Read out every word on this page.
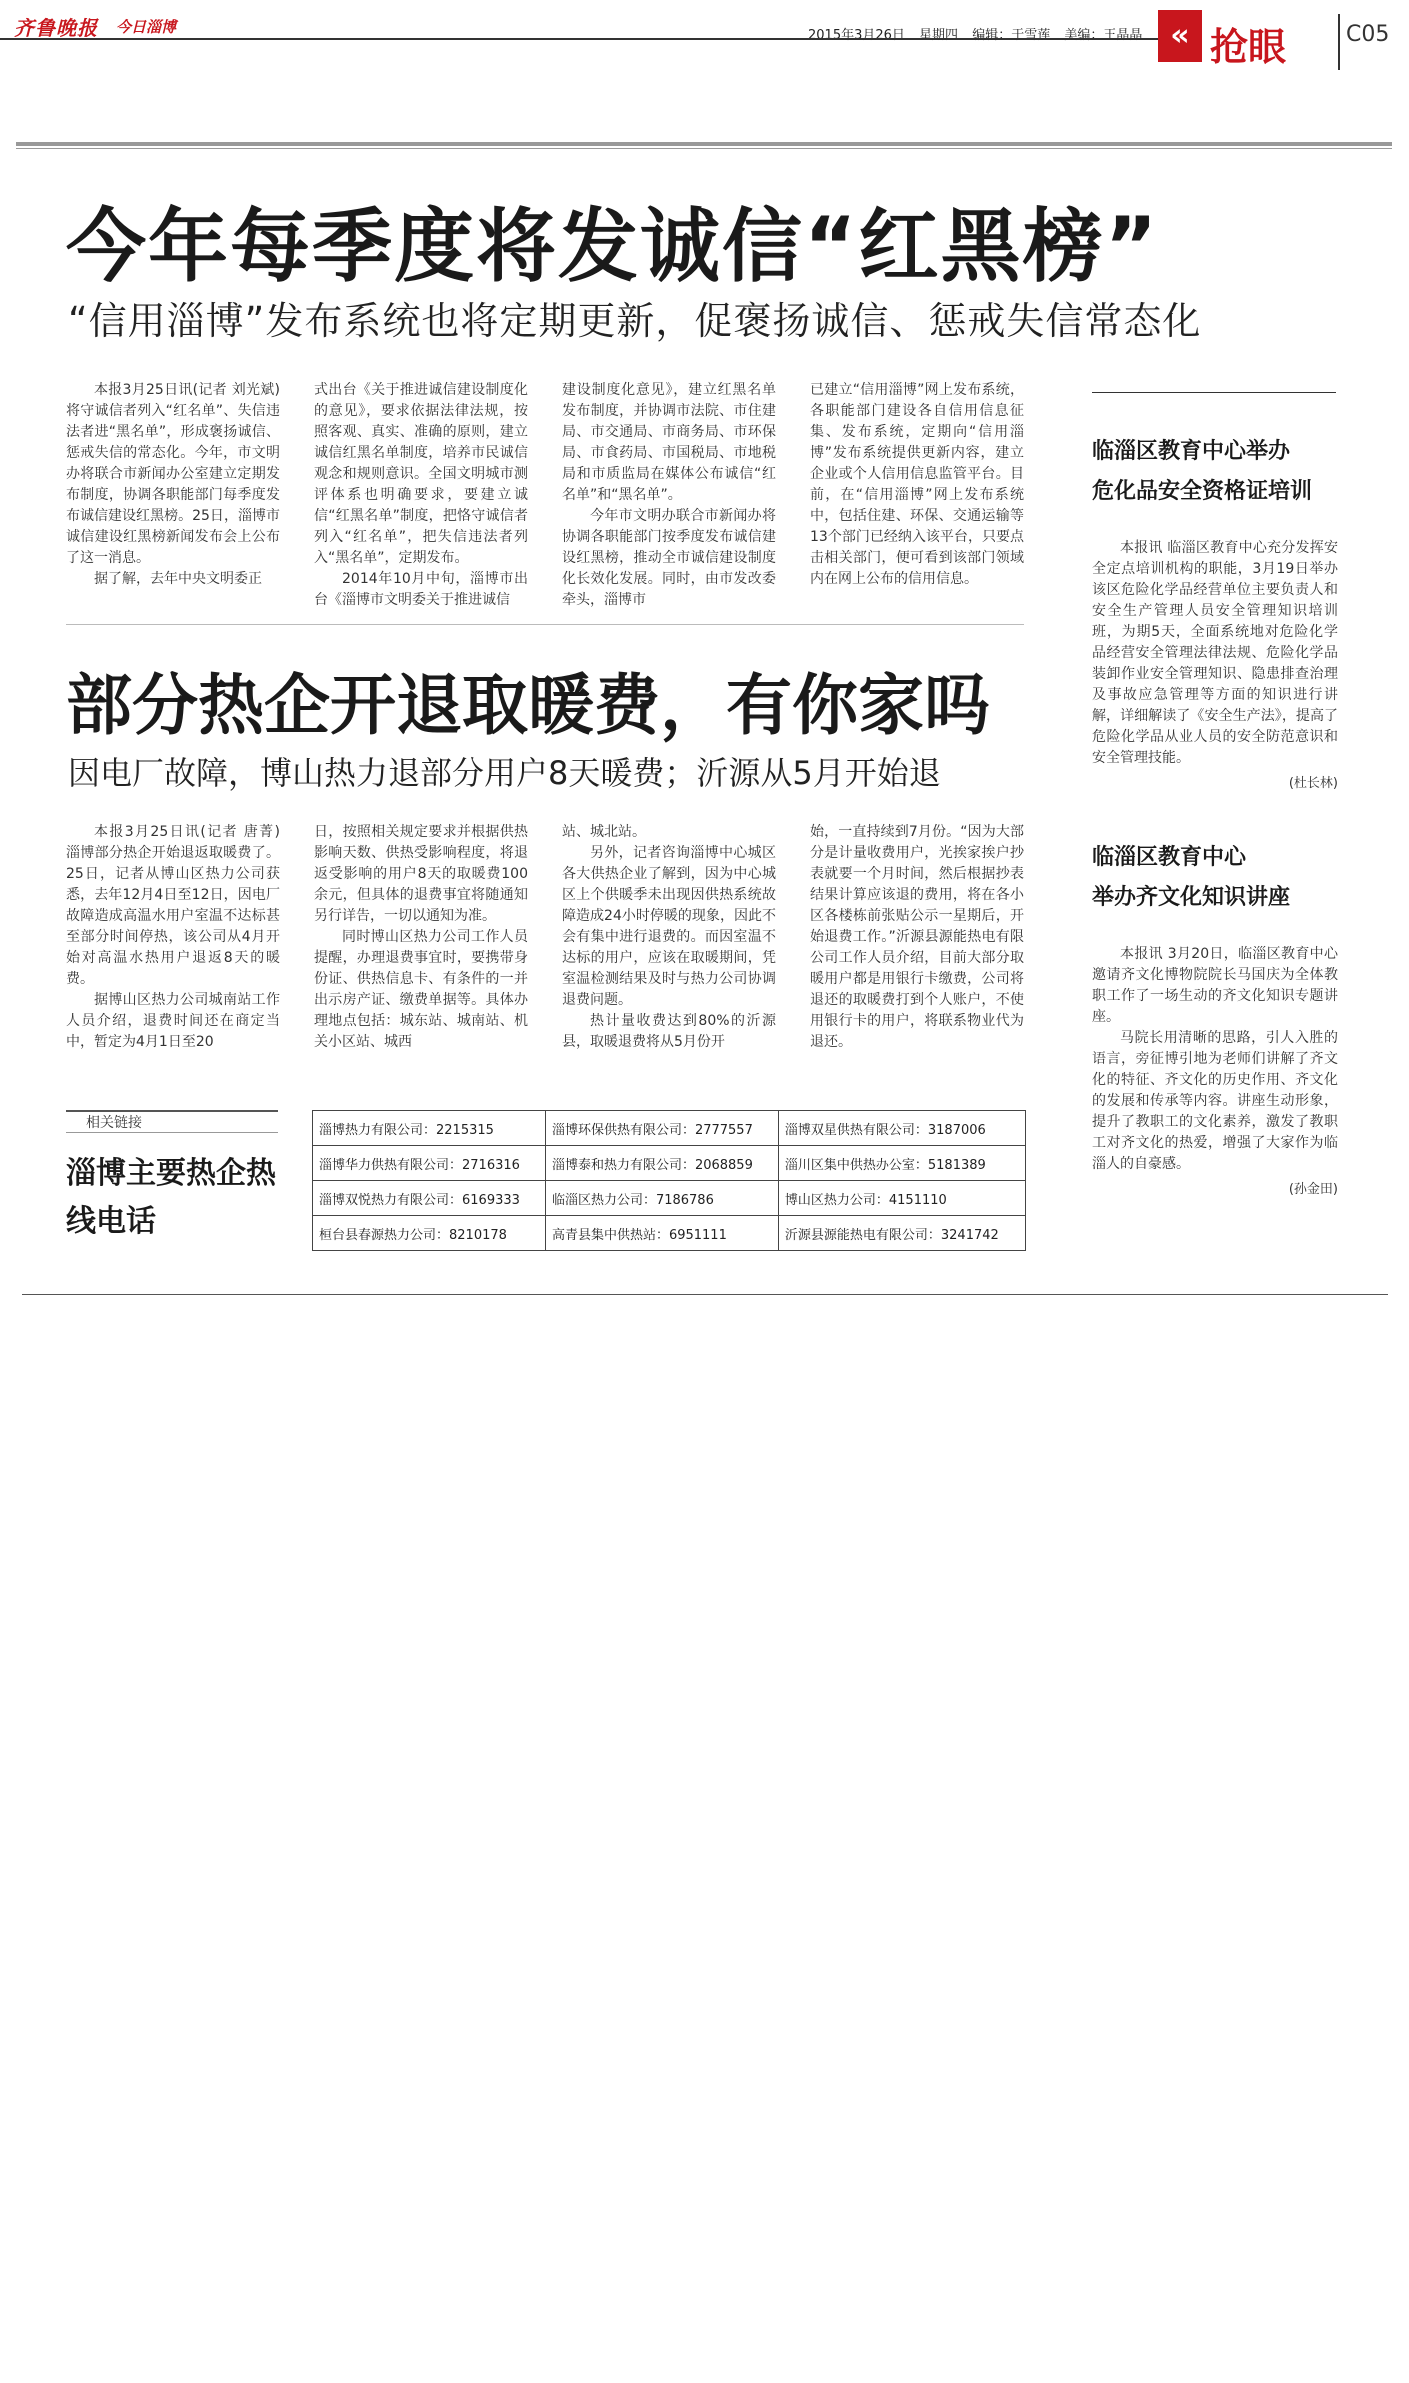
齐鲁晚报 今日淄博	2015年3月26日 星期四 编辑：于雪莲 美编：王晶晶 « 抢眼	C05
今年每季度将发诚信“红黑榜”
“信用淄博”发布系统也将定期更新，促褒扬诚信、惩戒失信常态化

本报3月25日讯(记者 刘光斌) 将守诚信者列入“红名单”、失信违法者进“黑名单”，形成褒扬诚信、惩戒失信的常态化。今年，市文明办将联合市新闻办公室建立定期发布制度，协调各职能部门每季度发布诚信建设红黑榜。25日，淄博市诚信建设红黑榜新闻发布会上公布了这一消息。

据了解，去年中央文明委正

式出台《关于推进诚信建设制度化的意见》，要求依据法律法规，按照客观、真实、准确的原则，建立诚信红黑名单制度，培养市民诚信观念和规则意识。全国文明城市测评体系也明确要求，要建立诚信“红黑名单”制度，把恪守诚信者列入“红名单”，把失信违法者列入“黑名单”，定期发布。

2014年10月中旬，淄博市出台《淄博市文明委关于推进诚信

建设制度化意见》，建立红黑名单发布制度，并协调市法院、市住建局、市交通局、市商务局、市环保局、市食药局、市国税局、市地税局和市质监局在媒体公布诚信“红名单”和“黑名单”。

今年市文明办联合市新闻办将协调各职能部门按季度发布诚信建设红黑榜，推动全市诚信建设制度化长效化发展。同时，由市发改委牵头，淄博市

已建立“信用淄博”网上发布系统，各职能部门建设各自信用信息征集、发布系统，定期向“信用淄博”发布系统提供更新内容，建立企业或个人信用信息监管平台。目前，在“信用淄博”网上发布系统中，包括住建、环保、交通运输等13个部门已经纳入该平台，只要点击相关部门，便可看到该部门领域内在网上公布的信用信息。

部分热企开退取暖费，有你家吗
因电厂故障，博山热力退部分用户8天暖费；沂源从5月开始退

本报3月25日讯(记者 唐菁) 淄博部分热企开始退返取暖费了。25日，记者从博山区热力公司获悉，去年12月4日至12日，因电厂故障造成高温水用户室温不达标甚至部分时间停热，该公司从4月开始对高温水热用户退返8天的暖费。

据博山区热力公司城南站工作人员介绍，退费时间还在商定当中，暂定为4月1日至20

日，按照相关规定要求并根据供热影响天数、供热受影响程度，将退返受影响的用户8天的取暖费100余元，但具体的退费事宜将随通知另行详告，一切以通知为准。

同时博山区热力公司工作人员提醒，办理退费事宜时，要携带身份证、供热信息卡、有条件的一并出示房产证、缴费单据等。具体办理地点包括：城东站、城南站、机关小区站、城西

站、城北站。

另外，记者咨询淄博中心城区各大供热企业了解到，因为中心城区上个供暖季未出现因供热系统故障造成24小时停暖的现象，因此不会有集中进行退费的。而因室温不达标的用户，应该在取暖期间，凭室温检测结果及时与热力公司协调退费问题。

热计量收费达到80%的沂源县，取暖退费将从5月份开

始，一直持续到7月份。“因为大部分是计量收费用户，光挨家挨户抄表就要一个月时间，然后根据抄表结果计算应该退的费用，将在各小区各楼栋前张贴公示一星期后，开始退费工作。”沂源县源能热电有限公司工作人员介绍，目前大部分取暖用户都是用银行卡缴费，公司将退还的取暖费打到个人账户，不使用银行卡的用户，将联系物业代为退还。

相关链接
淄博主要热企热线电话
淄博热力有限公司：2215315	淄博环保供热有限公司：2777557	淄博双星供热有限公司：3187006
淄博华力供热有限公司：2716316	淄博泰和热力有限公司：2068859	淄川区集中供热办公室：5181389
淄博双悦热力有限公司：6169333	临淄区热力公司：7186786	博山区热力公司：4151110
桓台县春源热力公司：8210178	高青县集中供热站：6951111	沂源县源能热电有限公司：3241742
临淄区教育中心举办
危化品安全资格证培训

本报讯 临淄区教育中心充分发挥安全定点培训机构的职能，3月19日举办该区危险化学品经营单位主要负责人和安全生产管理人员安全管理知识培训班，为期5天，全面系统地对危险化学品经营安全管理法律法规、危险化学品装卸作业安全管理知识、隐患排查治理及事故应急管理等方面的知识进行讲解，详细解读了《安全生产法》，提高了危险化学品从业人员的安全防范意识和安全管理技能。

(杜长林)
临淄区教育中心
举办齐文化知识讲座

本报讯 3月20日，临淄区教育中心邀请齐文化博物院院长马国庆为全体教职工作了一场生动的齐文化知识专题讲座。

马院长用清晰的思路，引人入胜的语言，旁征博引地为老师们讲解了齐文化的特征、齐文化的历史作用、齐文化的发展和传承等内容。讲座生动形象，提升了教职工的文化素养，激发了教职工对齐文化的热爱，增强了大家作为临淄人的自豪感。

(孙金田)
